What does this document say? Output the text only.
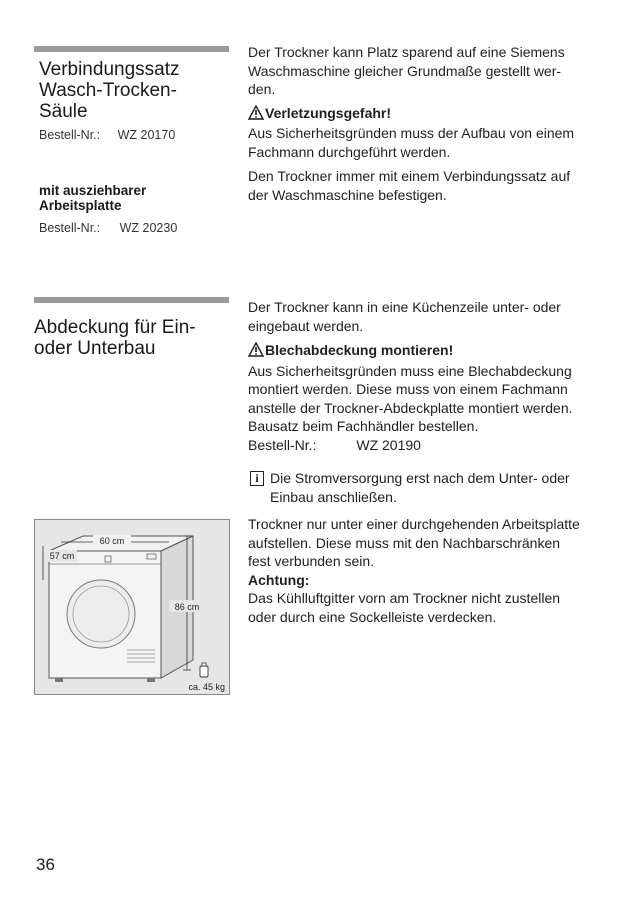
Verbindungssatz
Wasch-Trocken-
Säule
Bestell-Nr.: WZ 20170
mit ausziehbarer
Arbeitsplatte
Bestell-Nr.: WZ 20230
Der Trockner kann Platz sparend auf eine Siemens
Waschmaschine gleicher Grundmaße gestellt wer-
den.
Verletzungsgefahr!
Aus Sicherheitsgründen muss der Aufbau von einem
Fachmann durchgeführt werden.
Den Trockner immer mit einem Verbindungssatz auf
der Waschmaschine befestigen.
Abdeckung für Ein-
oder Unterbau
Der Trockner kann in eine Küchenzeile unter- oder
eingebaut werden.
Blechabdeckung montieren!
Aus Sicherheitsgründen muss eine Blechabdeckung
montiert werden. Diese muss von einem Fachmann
anstelle der Trockner-Abdeckplatte montiert werden.
Bausatz beim Fachhändler bestellen.
Bestell-Nr.:	WZ 20190
i Die Stromversorgung erst nach dem Unter- oder
Einbau anschließen.
Trockner nur unter einer durchgehenden Arbeitsplatte
aufstellen. Diese muss mit den Nachbarschränken
fest verbunden sein.
Achtung:
Das Kühlluftgitter vorn am Trockner nicht zustellen
oder durch eine Sockelleiste verdecken.
60 cm
57 cm
86 cm
ca. 45 kg
36
